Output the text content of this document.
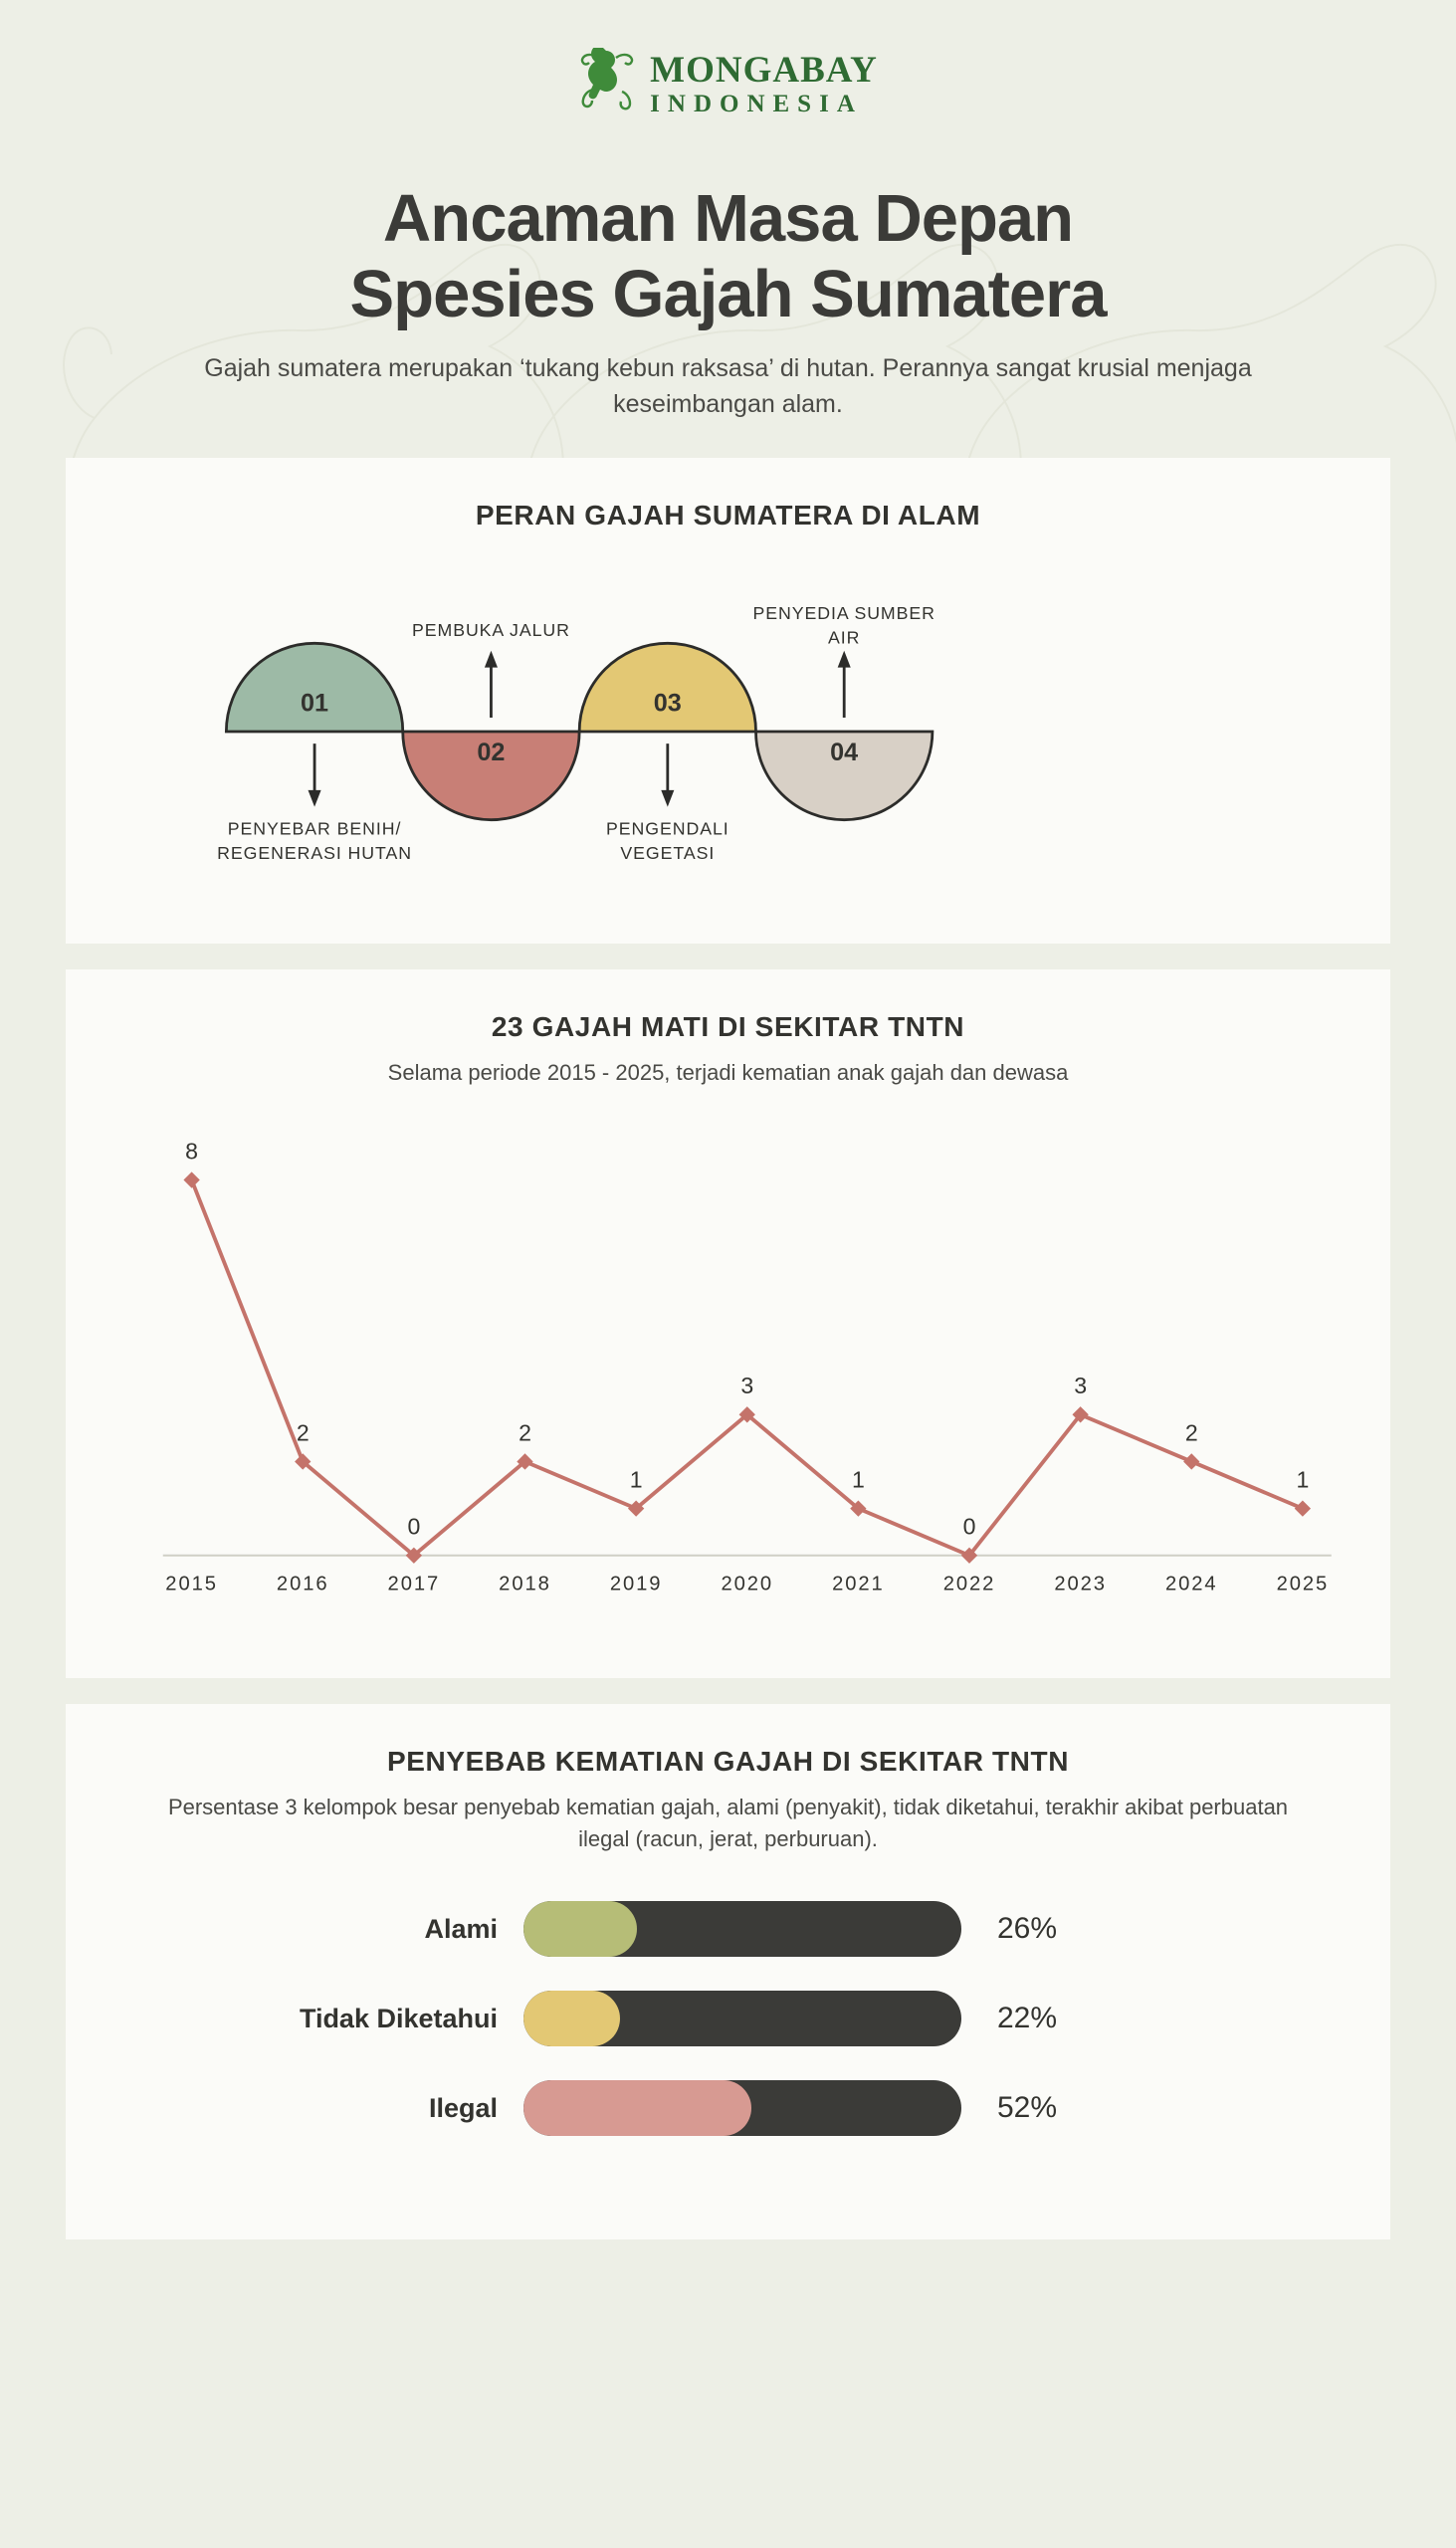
MONGABAY
INDONESIA
Ancaman Masa Depan
Spesies Gajah Sumatera

Gajah sumatera merupakan ‘tukang kebun raksasa’ di hutan. Perannya sangat krusial menjaga keseimbangan alam.

PERAN GAJAH SUMATERA DI ALAM
01
PENYEBAR BENIH/
REGENERASI HUTAN
02
PEMBUKA JALUR
03
PENGENDALI
VEGETASI
04
PENYEDIA SUMBER
AIR
23 GAJAH MATI DI SEKITAR TNTN

Selama periode 2015 - 2025, terjadi kematian anak gajah dan dewasa

8
2
0
2
1
3
1
0
3
2
1
2015	2016	2017	2018	2019	2020	2021	2022	2023	2024	2025
PENYEBAB KEMATIAN GAJAH DI SEKITAR TNTN

Persentase 3 kelompok besar penyebab kematian gajah, alami (penyakit), tidak diketahui, terakhir akibat perbuatan ilegal (racun, jerat, perburuan).

Alami	26%
Tidak Diketahui	22%
Ilegal	52%
